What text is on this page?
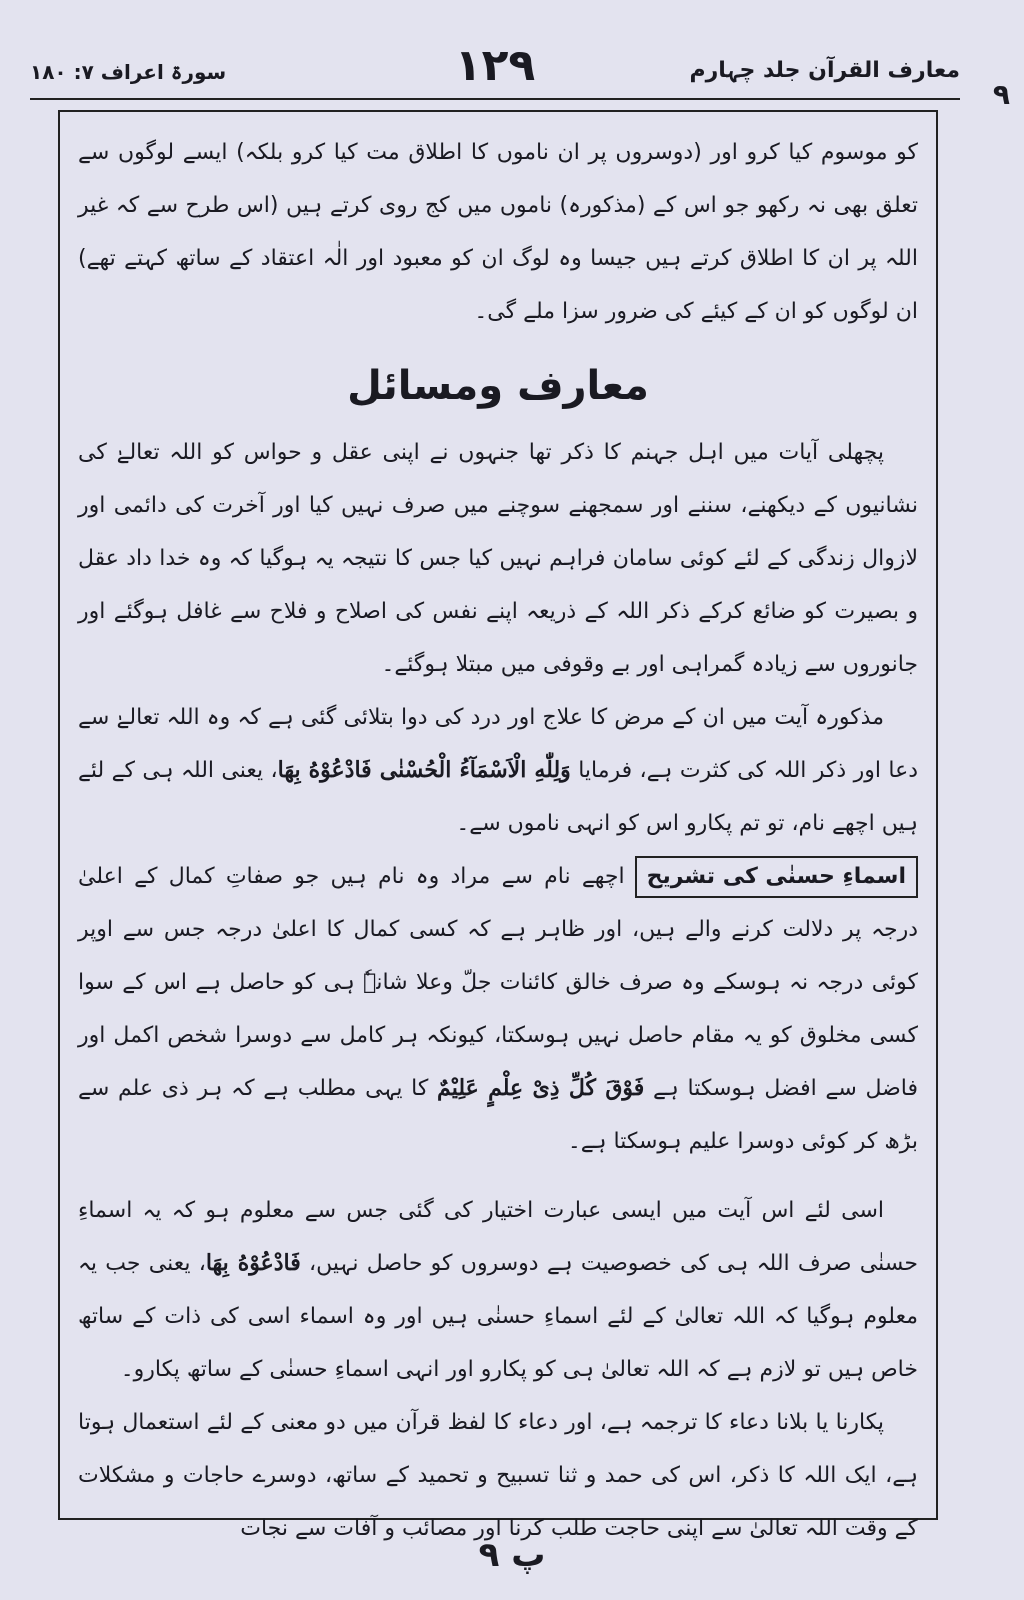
معارف القرآن جلد چہارم
۱۲۹
سورۃ اعراف ۷: ۱۸۰
۹

کو موسوم کیا کرو اور (دوسروں پر ان ناموں کا اطلاق مت کیا کرو بلکہ) ایسے لوگوں سے تعلق بھی نہ رکھو جو اس کے (مذکورہ) ناموں میں کج روی کرتے ہیں (اس طرح سے کہ غیر اللہ پر ان کا اطلاق کرتے ہیں جیسا وہ لوگ ان کو معبود اور الٰہ اعتقاد کے ساتھ کہتے تھے) ان لوگوں کو ان کے کیئے کی ضرور سزا ملے گی۔

معارف ومسائل

پچھلی آیات میں اہل جہنم کا ذکر تھا جنہوں نے اپنی عقل و حواس کو اللہ تعالےٰ کی نشانیوں کے دیکھنے، سننے اور سمجھنے سوچنے میں صرف نہیں کیا اور آخرت کی دائمی اور لازوال زندگی کے لئے کوئی سامان فراہم نہیں کیا جس کا نتیجہ یہ ہوگیا کہ وہ خدا داد عقل و بصیرت کو ضائع کرکے ذکر اللہ کے ذریعہ اپنے نفس کی اصلاح و فلاح سے غافل ہوگئے اور جانوروں سے زیادہ گمراہی اور بے وقوفی میں مبتلا ہوگئے۔

مذکورہ آیت میں ان کے مرض کا علاج اور درد کی دوا بتلائی گئی ہے کہ وہ اللہ تعالےٰ سے دعا اور ذکر اللہ کی کثرت ہے، فرمایا وَلِلّٰهِ الْاَسْمَآءُ الْحُسْنٰى فَادْعُوْهُ بِهَا، یعنی اللہ ہی کے لئے ہیں اچھے نام، تو تم پکارو اس کو انہی ناموں سے۔

اسماءِ حسنٰی کی تشریحاچھے نام سے مراد وہ نام ہیں جو صفاتِ کمال کے اعلیٰ درجہ پر دلالت کرنے والے ہیں، اور ظاہر ہے کہ کسی کمال کا اعلیٰ درجہ جس سے اوپر کوئی درجہ نہ ہوسکے وہ صرف خالق کائنات جلّ وعلا شانہٗ ہی کو حاصل ہے اس کے سوا کسی مخلوق کو یہ مقام حاصل نہیں ہوسکتا، کیونکہ ہر کامل سے دوسرا شخص اکمل اور فاضل سے افضل ہوسکتا ہے فَوْقَ كُلِّ ذِىْ عِلْمٍ عَلِيْمٌ کا یہی مطلب ہے کہ ہر ذی علم سے بڑھ کر کوئی دوسرا علیم ہوسکتا ہے۔

اسی لئے اس آیت میں ایسی عبارت اختیار کی گئی جس سے معلوم ہو کہ یہ اسماءِ حسنٰی صرف اللہ ہی کی خصوصیت ہے دوسروں کو حاصل نہیں، فَادْعُوْهُ بِهَا، یعنی جب یہ معلوم ہوگیا کہ اللہ تعالیٰ کے لئے اسماءِ حسنٰی ہیں اور وہ اسماء اسی کی ذات کے ساتھ خاص ہیں تو لازم ہے کہ اللہ تعالیٰ ہی کو پکارو اور انہی اسماءِ حسنٰی کے ساتھ پکارو۔

پکارنا یا بلانا دعاء کا ترجمہ ہے، اور دعاء کا لفظ قرآن میں دو معنی کے لئے استعمال ہوتا ہے، ایک اللہ کا ذکر، اس کی حمد و ثنا تسبیح و تحمید کے ساتھ، دوسرے حاجات و مشکلات کے وقت اللہ تعالیٰ سے اپنی حاجت طلب کرنا اور مصائب و آفات سے نجات

پ ۹
